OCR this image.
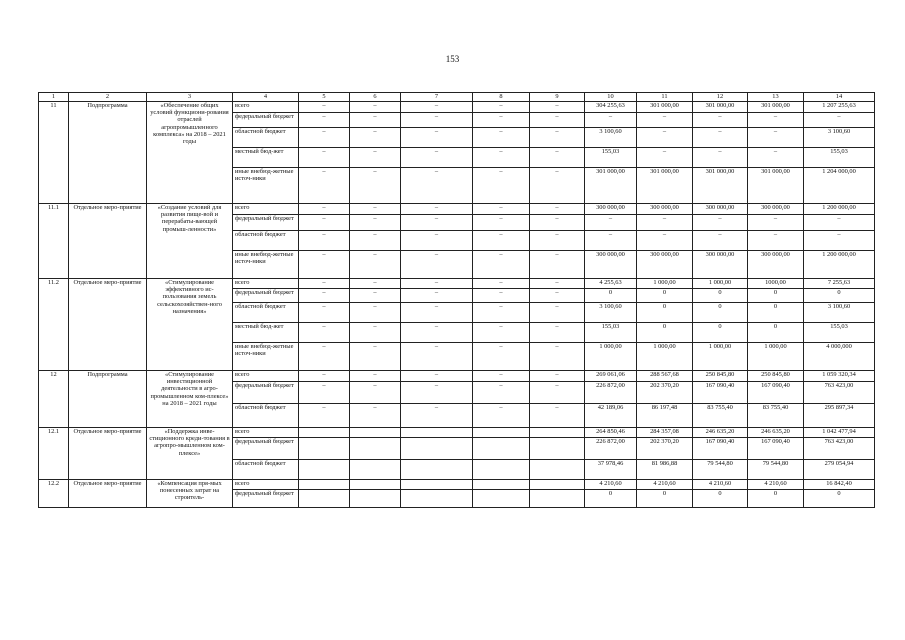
153
1	2	3	4	5	6	7	8	9	10	11	12	13	14
11	Подпрограмма	«Обеспечение общих условий функциони-рования отраслей агропромышленного комплекса» на 2018 – 2021 годы	всего	–	–	–	–	–	304 255,63	301 000,00	301 000,00	301 000,00	1 207 255,63
			федеральный бюджет	–	–	–	–	–	–	–	–	–	–
			областной бюджет	–	–	–	–	–	3 100,60	–	–	–	3 100,60
			местный бюд-жет	–	–	–	–	–	155,03	–	–	–	155,03
			иные внебюд-жетные источ-ники	–	–	–	–	–	301 000,00	301 000,00	301 000,00	301 000,00	1 204 000,00
11.1	Отдельное меро-приятие	«Создание условий для развития пище-вой и перерабаты-вающей промыш-ленности»	всего	–	–	–	–	–	300 000,00	300 000,00	300 000,00	300 000,00	1 200 000,00
			федеральный бюджет	–	–	–	–	–	–	–	–	–	–
			областной бюджет	–	–	–	–	–	–	–	–	–	–
			иные внебюд-жетные источ-ники	–	–	–	–	–	300 000,00	300 000,00	300 000,00	300 000,00	1 200 000,00
11.2	Отдельное меро-приятие	«Стимулирование эффективного ис-пользования земель сельскохозяйствен-ного назначения»	всего	–	–	–	–	–	4 255,63	1 000,00	1 000,00	1000,00	7 255,63
			федеральный бюджет	–	–	–	–	–	0	0	0	0	0
			областной бюджет	–	–	–	–	–	3 100,60	0	0	0	3 100,60
			местный бюд-жет	–	–	–	–	–	155,03	0	0	0	155,03
			иные внебюд-жетные источ-ники	–	–	–	–	–	1 000,00	1 000,00	1 000,00	1 000,00	4 000,000
12	Подпрограмма	«Стимулирование инвестиционной деятельности в агро-промышленном ком-плексе» на 2018 – 2021 годы	всего	–	–	–	–	–	269 061,06	288 567,68	250 845,80	250 845,80	1 059 320,34
			федеральный бюджет	–	–	–	–	–	226 872,00	202 370,20	167 090,40	167 090,40	763 423,00
			областной бюджет	–	–	–	–	–	42 189,06	86 197,48	83 755,40	83 755,40	295 897,34
12.1	Отдельное меро-приятие	«Поддержка инве-стиционного креди-тования в агропро-мышленном ком-плексе»	всего						264 850,46	284 357,08	246 635,20	246 635,20	1 042 477,94
			федеральный бюджет						226 872,00	202 370,20	167 090,40	167 090,40	763 423,00
			областной бюджет						37 978,46	81 986,88	79 544,80	79 544,80	279 054,94
12.2	Отдельное меро-приятие	«Компенсация пря-мых понесенных затрат на строитель-	всего						4 210,60	4 210,60	4 210,60	4 210,60	16 842,40
			федеральный бюджет						0	0	0	0	0
